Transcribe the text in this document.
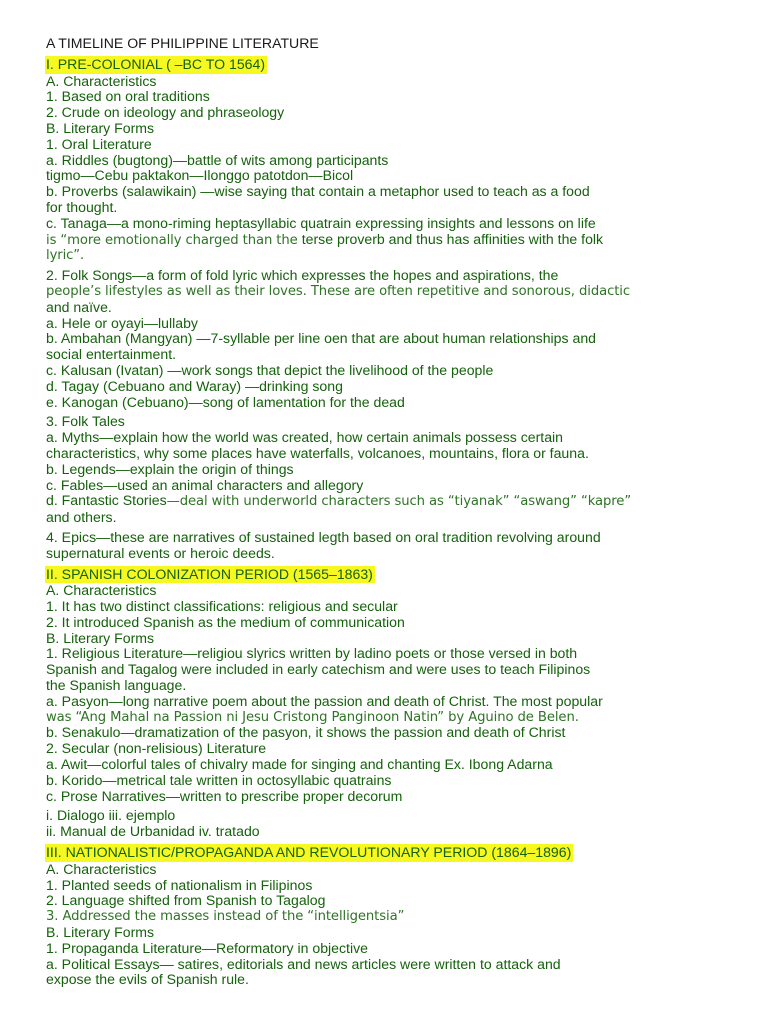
A TIMELINE OF PHILIPPINE LITERATURE
I. PRE-COLONIAL ( –BC TO 1564)
A. Characteristics
1. Based on oral traditions
2. Crude on ideology and phraseology
B. Literary Forms
1. Oral Literature
a. Riddles (bugtong)—battle of wits among participants
tigmo—Cebu paktakon—Ilonggo patotdon—Bicol
b. Proverbs (salawikain) —wise saying that contain a metaphor used to teach as a food
for thought.
c. Tanaga—a mono-riming heptasyllabic quatrain expressing insights and lessons on life
is “more emotionally charged than the terse proverb and thus has affinities with the folk
lyric”.
2. Folk Songs—a form of fold lyric which expresses the hopes and aspirations, the
people’s lifestyles as well as their loves. These are often repetitive and sonorous, didactic
and naïve.
a. Hele or oyayi—lullaby
b. Ambahan (Mangyan) —7-syllable per line oen that are about human relationships and
social entertainment.
c. Kalusan (Ivatan) —work songs that depict the livelihood of the people
d. Tagay (Cebuano and Waray) —drinking song
e. Kanogan (Cebuano)—song of lamentation for the dead
3. Folk Tales
a. Myths—explain how the world was created, how certain animals possess certain
characteristics, why some places have waterfalls, volcanoes, mountains, flora or fauna.
b. Legends—explain the origin of things
c. Fables—used an animal characters and allegory
d. Fantastic Stories—deal with underworld characters such as “tiyanak” “aswang” “kapre”
and others.
4. Epics—these are narratives of sustained legth based on oral tradition revolving around
supernatural events or heroic deeds.
II. SPANISH COLONIZATION PERIOD (1565–1863)
A. Characteristics
1. It has two distinct classifications: religious and secular
2. It introduced Spanish as the medium of communication
B. Literary Forms
1. Religious Literature—religiou slyrics written by ladino poets or those versed in both
Spanish and Tagalog were included in early catechism and were uses to teach Filipinos
the Spanish language.
a. Pasyon—long narrative poem about the passion and death of Christ. The most popular
was “Ang Mahal na Passion ni Jesu Cristong Panginoon Natin” by Aguino de Belen.
b. Senakulo—dramatization of the pasyon, it shows the passion and death of Christ
2. Secular (non-relisious) Literature
a. Awit—colorful tales of chivalry made for singing and chanting Ex. Ibong Adarna
b. Korido—metrical tale written in octosyllabic quatrains
c. Prose Narratives—written to prescribe proper decorum
i. Dialogo iii. ejemplo
ii. Manual de Urbanidad iv. tratado
III. NATIONALISTIC/PROPAGANDA AND REVOLUTIONARY PERIOD (1864–1896)
A. Characteristics
1. Planted seeds of nationalism in Filipinos
2. Language shifted from Spanish to Tagalog
3. Addressed the masses instead of the “intelligentsia”
B. Literary Forms
1. Propaganda Literature—Reformatory in objective
a. Political Essays— satires, editorials and news articles were written to attack and
expose the evils of Spanish rule.
